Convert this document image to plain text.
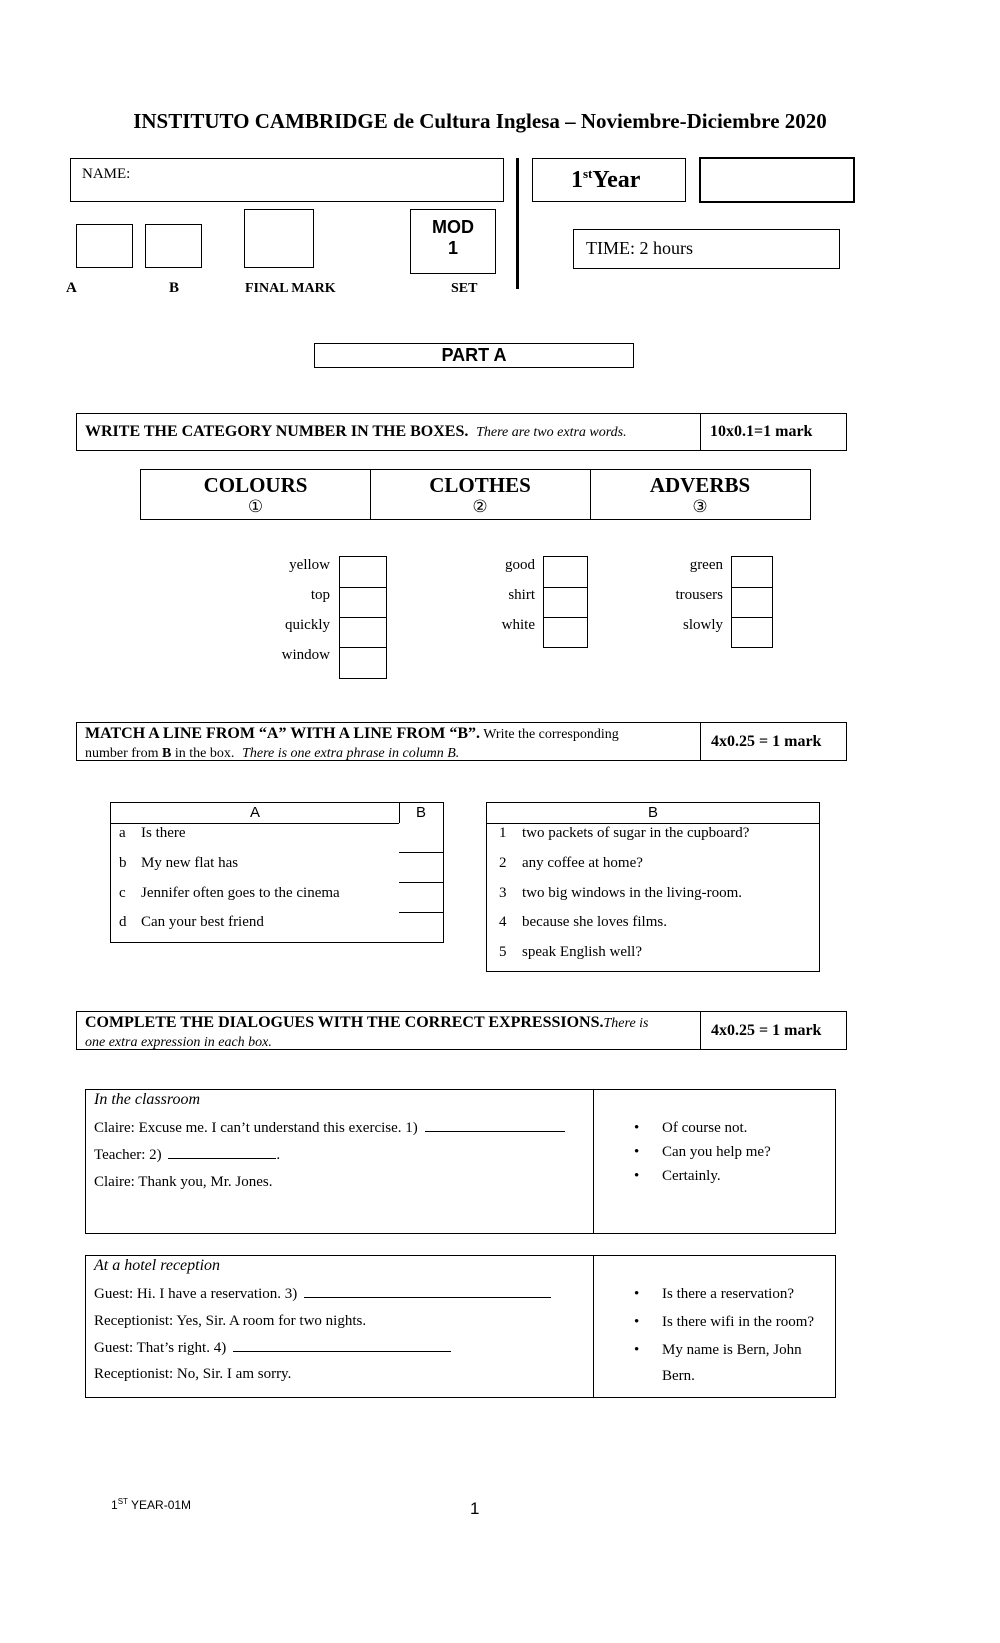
INSTITUTO CAMBRIDGE de Cultura Inglesa – Noviembre-Diciembre 2020
NAME:	1stYear
MOD
1	TIME: 2 hours
A	B	FINAL MARK	SET
PART A
WRITE THE CATEGORY NUMBER IN THE BOXES. There are two extra words.	10x0.1=1 mark
COLOURS
①
CLOTHES
②
ADVERBS
③
yellow
top
quickly
window
good
shirt
white
green
trousers
slowly
MATCH A LINE FROM “A” WITH A LINE FROM “B”. Write the corresponding
number from B in the box. There is one extra phrase in column B.
4x0.25 = 1 mark
A	B
a Is there
b My new flat has
c Jennifer often goes to the cinema
d Can your best friend
B
1 two packets of sugar in the cupboard?
2 any coffee at home?
3 two big windows in the living-room.
4 because she loves films.
5 speak English well?
COMPLETE THE DIALOGUES WITH THE CORRECT EXPRESSIONS.There is
one extra expression in each box.
4x0.25 = 1 mark
In the classroom
Claire: Excuse me. I can’t understand this exercise. 1)
Teacher: 2)	.
Claire: Thank you, Mr. Jones.
• Of course not.
• Can you help me?
• Certainly.
At a hotel reception
Guest: Hi. I have a reservation. 3)
Receptionist: Yes, Sir. A room for two nights.
Guest: That’s right. 4)
Receptionist: No, Sir. I am sorry.
• Is there a reservation?
• Is there wifi in the room?
• My name is Bern, John Bern.
1ST YEAR-01M	1
